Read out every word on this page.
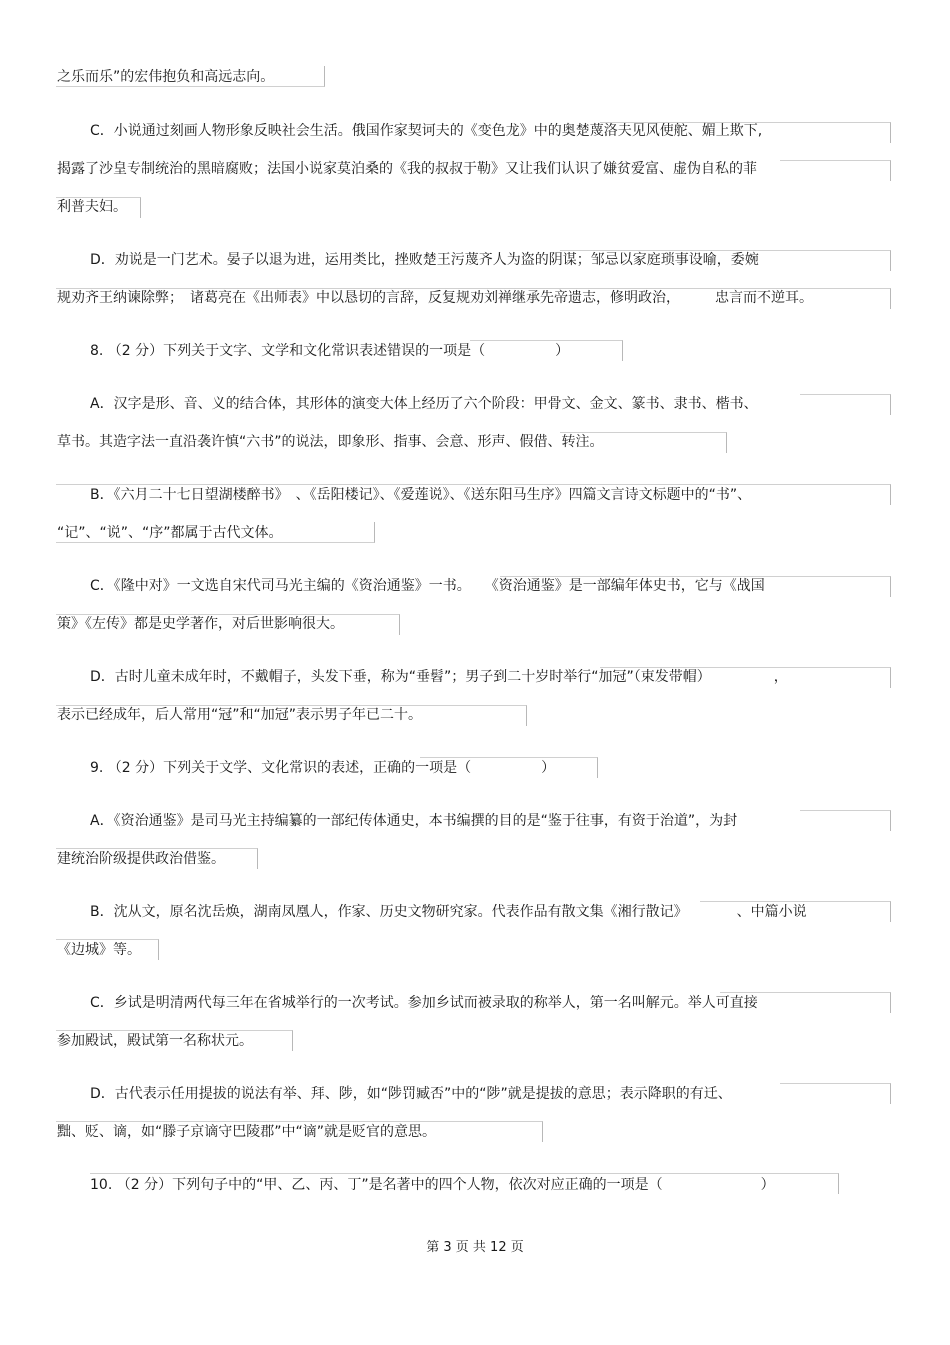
之乐而乐”的宏伟抱负和高远志向。
C．小说通过刻画人物形象反映社会生活。俄国作家契诃夫的《变色龙》中的奥楚蔑洛夫见风使舵、媚上欺下,
揭露了沙皇专制统治的黑暗腐败；法国小说家莫泊桑的《我的叔叔于勒》又让我们认识了嫌贫爱富、虚伪自私的菲
利普夫妇。
D．劝说是一门艺术。晏子以退为进，运用类比，挫败楚王污蔑齐人为盗的阴谋；邹忌以家庭琐事设喻，委婉
规劝齐王纳谏除弊；　诸葛亮在《出师表》中以恳切的言辞，反复规劝刘禅继承先帝遗志，修明政治，　　　忠言而不逆耳。
8. （2 分）下列关于文字、文学和文化常识表述错误的一项是（　　　　　）
A．汉字是形、音、义的结合体，其形体的演变大体上经历了六个阶段：甲骨文、金文、篆书、隶书、楷书、
草书。其造字法一直沿袭许慎“六书”的说法，即象形、指事、会意、形声、假借、转注。
B．《六月二十七日望湖楼醉书》　、《岳阳楼记》、《爱莲说》、《送东阳马生序》四篇文言诗文标题中的“书”、
“记”、“说”、“序”都属于古代文体。
C．《隆中对》一文选自宋代司马光主编的《资治通鉴》一书。　　《资治通鉴》是一部编年体史书，它与《战国
策》《左传》都是史学著作，对后世影响很大。
D．古时儿童未成年时，不戴帽子，头发下垂，称为“垂髫”；男子到二十岁时举行“加冠”（束发带帽）　　　　　，
表示已经成年，后人常用“冠”和“加冠”表示男子年已二十。
9. （2 分）下列关于文学、文化常识的表述，正确的一项是（　　　　　）
A．《资治通鉴》是司马光主持编纂的一部纪传体通史，本书编撰的目的是“鉴于往事，有资于治道”，为封
建统治阶级提供政治借鉴。
B．沈从文，原名沈岳焕，湖南凤凰人，作家、历史文物研究家。代表作品有散文集《湘行散记》　　　　、中篇小说
《边城》等。
C．乡试是明清两代每三年在省城举行的一次考试。参加乡试而被录取的称举人，第一名叫解元。举人可直接
参加殿试，殿试第一名称状元。
D．古代表示任用提拔的说法有举、拜、陟，如“陟罚臧否”中的“陟”就是提拔的意思；表示降职的有迁、
黜、贬、谪，如“滕子京谪守巴陵郡”中“谪”就是贬官的意思。
10. （2 分）下列句子中的“甲、乙、丙、丁”是名著中的四个人物，依次对应正确的一项是（　　　　　　　）
第 3 页 共 12 页
